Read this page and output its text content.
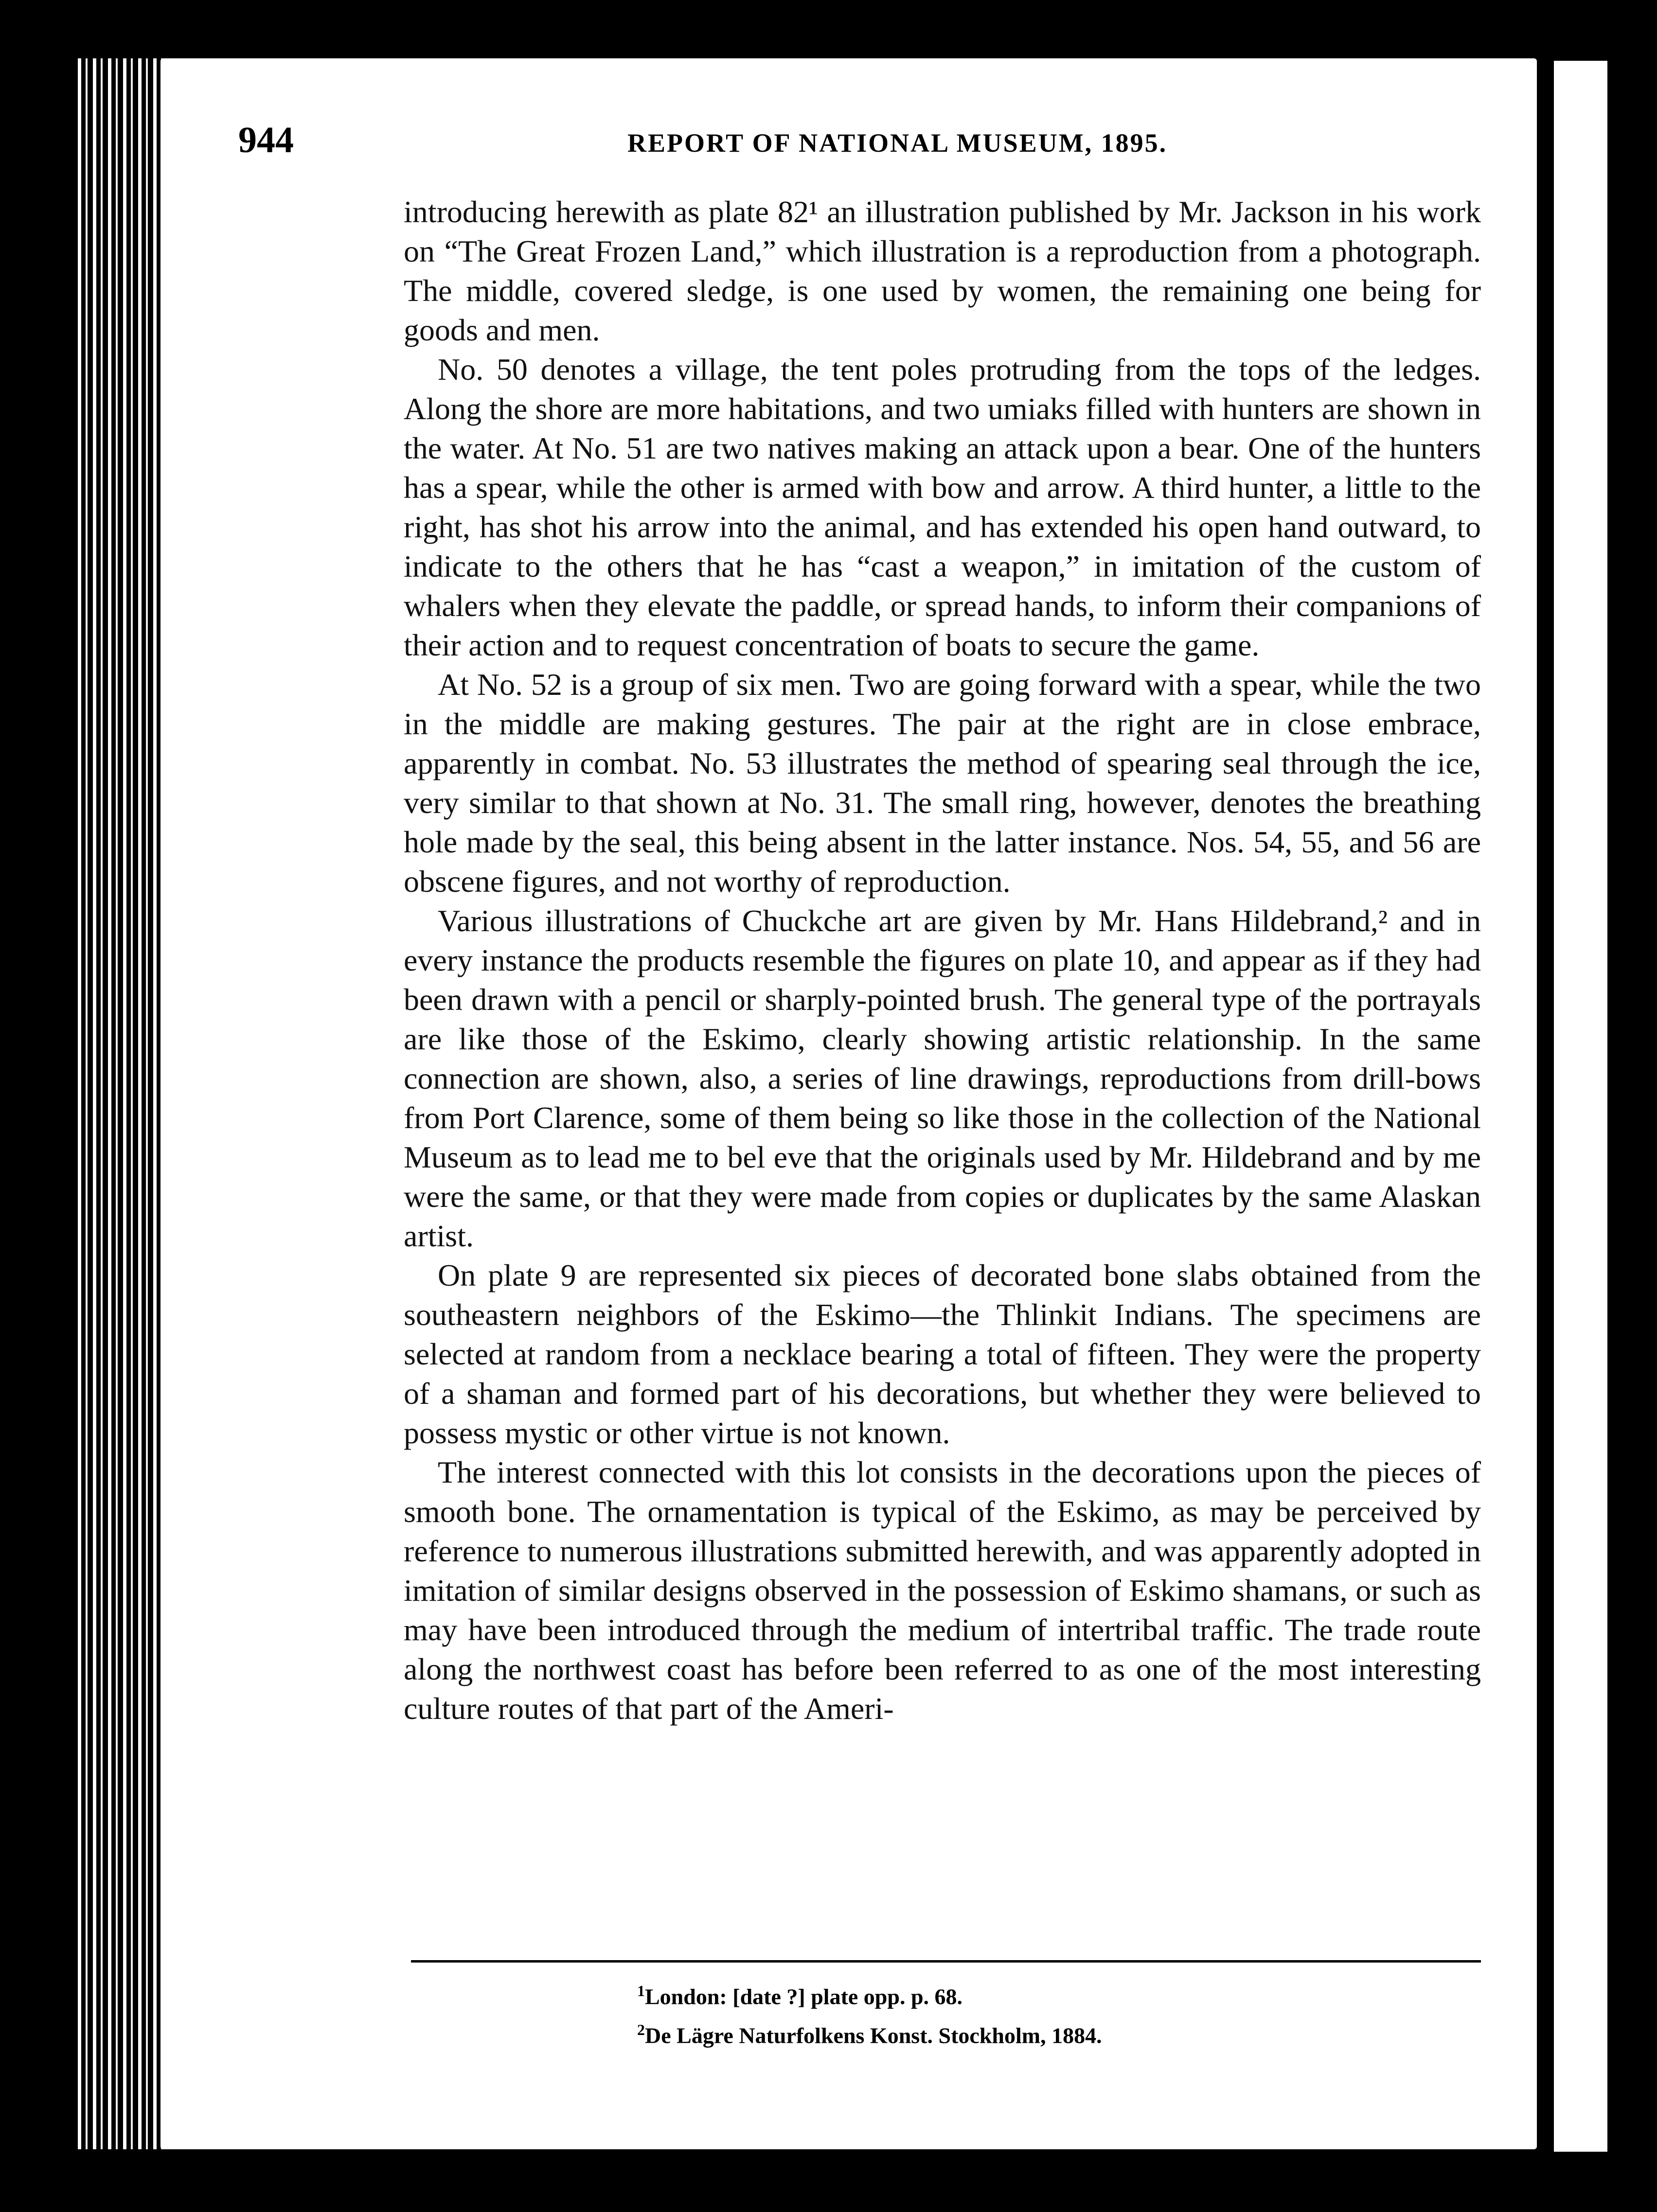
944	REPORT OF NATIONAL MUSEUM, 1895.

introducing herewith as plate 82¹ an illustration published by Mr. Jackson in his work on “The Great Frozen Land,” which illustration is a reproduction from a photograph. The middle, covered sledge, is one used by women, the remaining one being for goods and men.

No. 50 denotes a village, the tent poles protruding from the tops of the ledges. Along the shore are more habitations, and two umiaks filled with hunters are shown in the water. At No. 51 are two natives making an attack upon a bear. One of the hunters has a spear, while the other is armed with bow and arrow. A third hunter, a little to the right, has shot his arrow into the animal, and has extended his open hand outward, to indicate to the others that he has “cast a weapon,” in imitation of the custom of whalers when they elevate the paddle, or spread hands, to inform their companions of their action and to request concentration of boats to secure the game.

At No. 52 is a group of six men. Two are going forward with a spear, while the two in the middle are making gestures. The pair at the right are in close embrace, apparently in combat. No. 53 illustrates the method of spearing seal through the ice, very similar to that shown at No. 31. The small ring, however, denotes the breathing hole made by the seal, this being absent in the latter instance. Nos. 54, 55, and 56 are obscene figures, and not worthy of reproduction.

Various illustrations of Chuckche art are given by Mr. Hans Hildebrand,² and in every instance the products resemble the figures on plate 10, and appear as if they had been drawn with a pencil or sharply-pointed brush. The general type of the portrayals are like those of the Eskimo, clearly showing artistic relationship. In the same connection are shown, also, a series of line drawings, reproductions from drill-bows from Port Clarence, some of them being so like those in the collection of the National Museum as to lead me to bel eve that the originals used by Mr. Hildebrand and by me were the same, or that they were made from copies or duplicates by the same Alaskan artist.

On plate 9 are represented six pieces of decorated bone slabs obtained from the southeastern neighbors of the Eskimo—the Thlinkit Indians. The specimens are selected at random from a necklace bearing a total of fifteen. They were the property of a shaman and formed part of his decorations, but whether they were believed to possess mystic or other virtue is not known.

The interest connected with this lot consists in the decorations upon the pieces of smooth bone. The ornamentation is typical of the Eskimo, as may be perceived by reference to numerous illustrations submitted herewith, and was apparently adopted in imitation of similar designs observed in the possession of Eskimo shamans, or such as may have been introduced through the medium of intertribal traffic. The trade route along the northwest coast has before been referred to as one of the most interesting culture routes of that part of the Ameri-

$^1$London: [date ?] plate opp. p. 68.
$^2$De Lägre Naturfolkens Konst. Stockholm, 1884.
